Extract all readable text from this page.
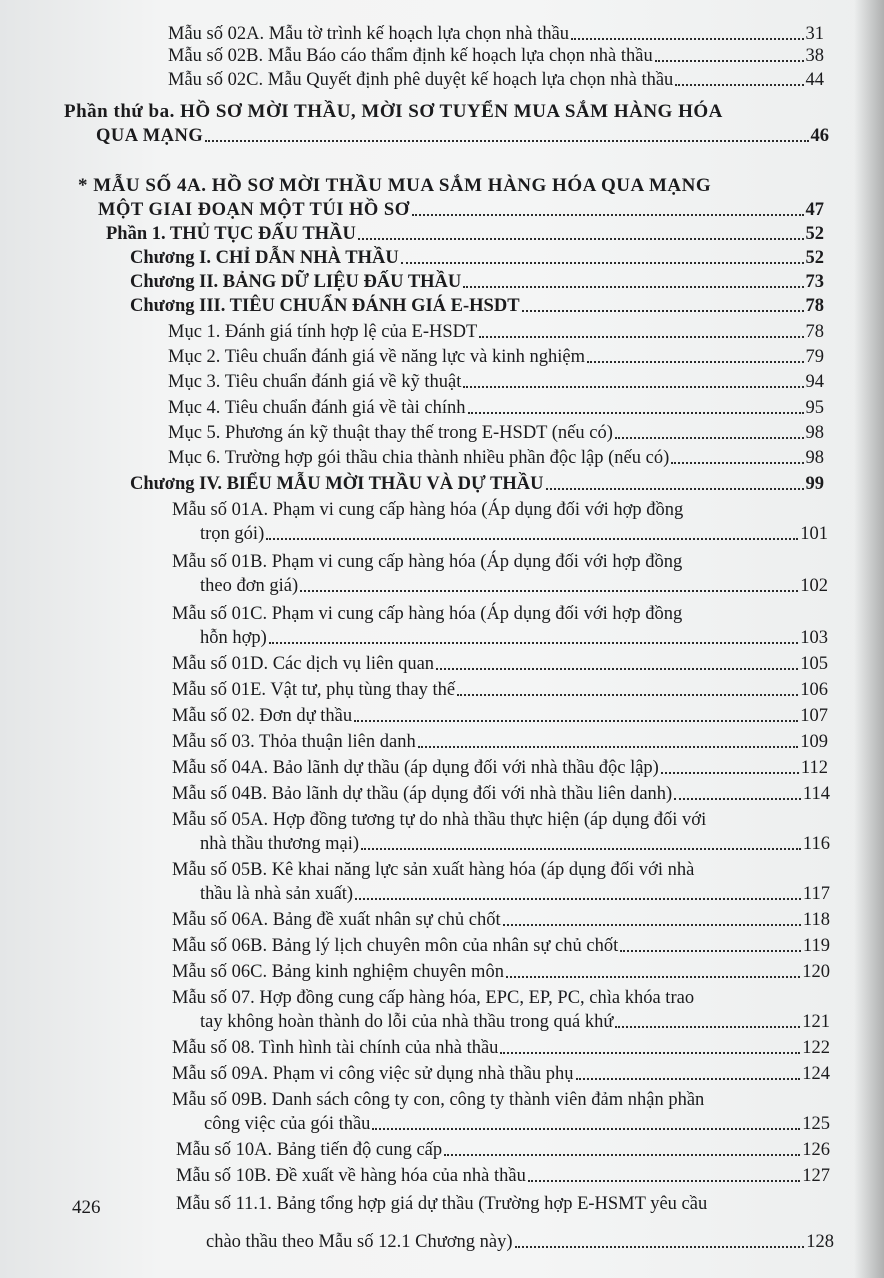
Mẫu số 02A. Mẫu tờ trình kế hoạch lựa chọn nhà thầu	31
Mẫu số 02B. Mẫu Báo cáo thẩm định kế hoạch lựa chọn nhà thầu	38
Mẫu số 02C. Mẫu Quyết định phê duyệt kế hoạch lựa chọn nhà thầu	44
Phần thứ ba. HỒ SƠ MỜI THẦU, MỜI SƠ TUYỂN MUA SẮM HÀNG HÓA
QUA MẠNG	46
* MẪU SỐ 4A. HỒ SƠ MỜI THẦU MUA SẮM HÀNG HÓA QUA MẠNG
MỘT GIAI ĐOẠN MỘT TÚI HỒ SƠ	47
Phần 1. THỦ TỤC ĐẤU THẦU	52
Chương I. CHỈ DẪN NHÀ THẦU	52
Chương II. BẢNG DỮ LIỆU ĐẤU THẦU	73
Chương III. TIÊU CHUẨN ĐÁNH GIÁ E-HSDT	78
Mục 1. Đánh giá tính hợp lệ của E-HSDT	78
Mục 2. Tiêu chuẩn đánh giá về năng lực và kinh nghiệm	79
Mục 3. Tiêu chuẩn đánh giá về kỹ thuật	94
Mục 4. Tiêu chuẩn đánh giá về tài chính	95
Mục 5. Phương án kỹ thuật thay thế trong E-HSDT (nếu có)	98
Mục 6. Trường hợp gói thầu chia thành nhiều phần độc lập (nếu có)	98
Chương IV. BIỂU MẪU MỜI THẦU VÀ DỰ THẦU	99
Mẫu số 01A. Phạm vi cung cấp hàng hóa (Áp dụng đối với hợp đồng
trọn gói)	101
Mẫu số 01B. Phạm vi cung cấp hàng hóa (Áp dụng đối với hợp đồng
theo đơn giá)	102
Mẫu số 01C. Phạm vi cung cấp hàng hóa (Áp dụng đối với hợp đồng
hỗn hợp)	103
Mẫu số 01D. Các dịch vụ liên quan	105
Mẫu số 01E. Vật tư, phụ tùng thay thế	106
Mẫu số 02. Đơn dự thầu	107
Mẫu số 03. Thỏa thuận liên danh	109
Mẫu số 04A. Bảo lãnh dự thầu (áp dụng đối với nhà thầu độc lập)	112
Mẫu số 04B. Bảo lãnh dự thầu (áp dụng đối với nhà thầu liên danh)	114
Mẫu số 05A. Hợp đồng tương tự do nhà thầu thực hiện (áp dụng đối với
nhà thầu thương mại)	116
Mẫu số 05B. Kê khai năng lực sản xuất hàng hóa (áp dụng đối với nhà
thầu là nhà sản xuất)	117
Mẫu số 06A. Bảng đề xuất nhân sự chủ chốt	118
Mẫu số 06B. Bảng lý lịch chuyên môn của nhân sự chủ chốt	119
Mẫu số 06C. Bảng kinh nghiệm chuyên môn	120
Mẫu số 07. Hợp đồng cung cấp hàng hóa, EPC, EP, PC, chìa khóa trao
tay không hoàn thành do lỗi của nhà thầu trong quá khứ	121
Mẫu số 08. Tình hình tài chính của nhà thầu	122
Mẫu số 09A. Phạm vi công việc sử dụng nhà thầu phụ	124
Mẫu số 09B. Danh sách công ty con, công ty thành viên đảm nhận phần
công việc của gói thầu	125
Mẫu số 10A. Bảng tiến độ cung cấp	126
Mẫu số 10B. Đề xuất về hàng hóa của nhà thầu	127
Mẫu số 11.1. Bảng tổng hợp giá dự thầu (Trường hợp E-HSMT yêu cầu
chào thầu theo Mẫu số 12.1 Chương này)	128
426
